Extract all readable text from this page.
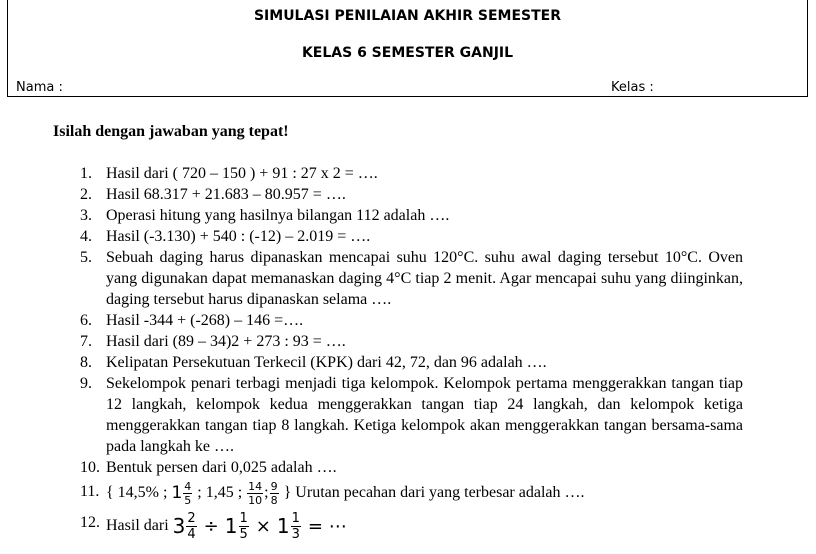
SIMULASI PENILAIAN AKHIR SEMESTER
KELAS 6 SEMESTER GANJIL
Nama :	Kelas :
Isilah dengan jawaban yang tepat!
1. Hasil dari ( 720 – 150 ) + 91 : 27 x 2 = ….
2. Hasil 68.317 + 21.683 – 80.957 = ….
3. Operasi hitung yang hasilnya bilangan 112 adalah ….
4. Hasil (-3.130) + 540 : (-12) – 2.019 = ….
5. Sebuah daging harus dipanaskan mencapai suhu 120°C. suhu awal daging tersebut 10°C. Oven yang digunakan dapat memanaskan daging 4°C tiap 2 menit. Agar mencapai suhu yang diinginkan, daging tersebut harus dipanaskan selama ….
6. Hasil -344 + (-268) – 146 =….
7. Hasil dari (89 – 34)2 + 273 : 93 = ….
8. Kelipatan Persekutuan Terkecil (KPK) dari 42, 72, dan 96 adalah ….
9. Sekelompok penari terbagi menjadi tiga kelompok. Kelompok pertama menggerakkan tangan tiap 12 langkah, kelompok kedua menggerakkan tangan tiap 24 langkah, dan kelompok ketiga menggerakkan tangan tiap 8 langkah. Ketiga kelompok akan menggerakkan tangan bersama-sama pada langkah ke ….
10. Bentuk persen dari 0,025 adalah ….
11. { 14,5% ; $1 \frac{4}{5}$ ; 1,45 ; $\frac{14}{10}$ ; $\frac{9}{8}$ } Urutan pecahan dari yang terbesar adalah ….
12. Hasil dari $3 \frac{2}{4} \div 1 \frac{1}{5} \times 1 \frac{1}{3}$ = ⋯
